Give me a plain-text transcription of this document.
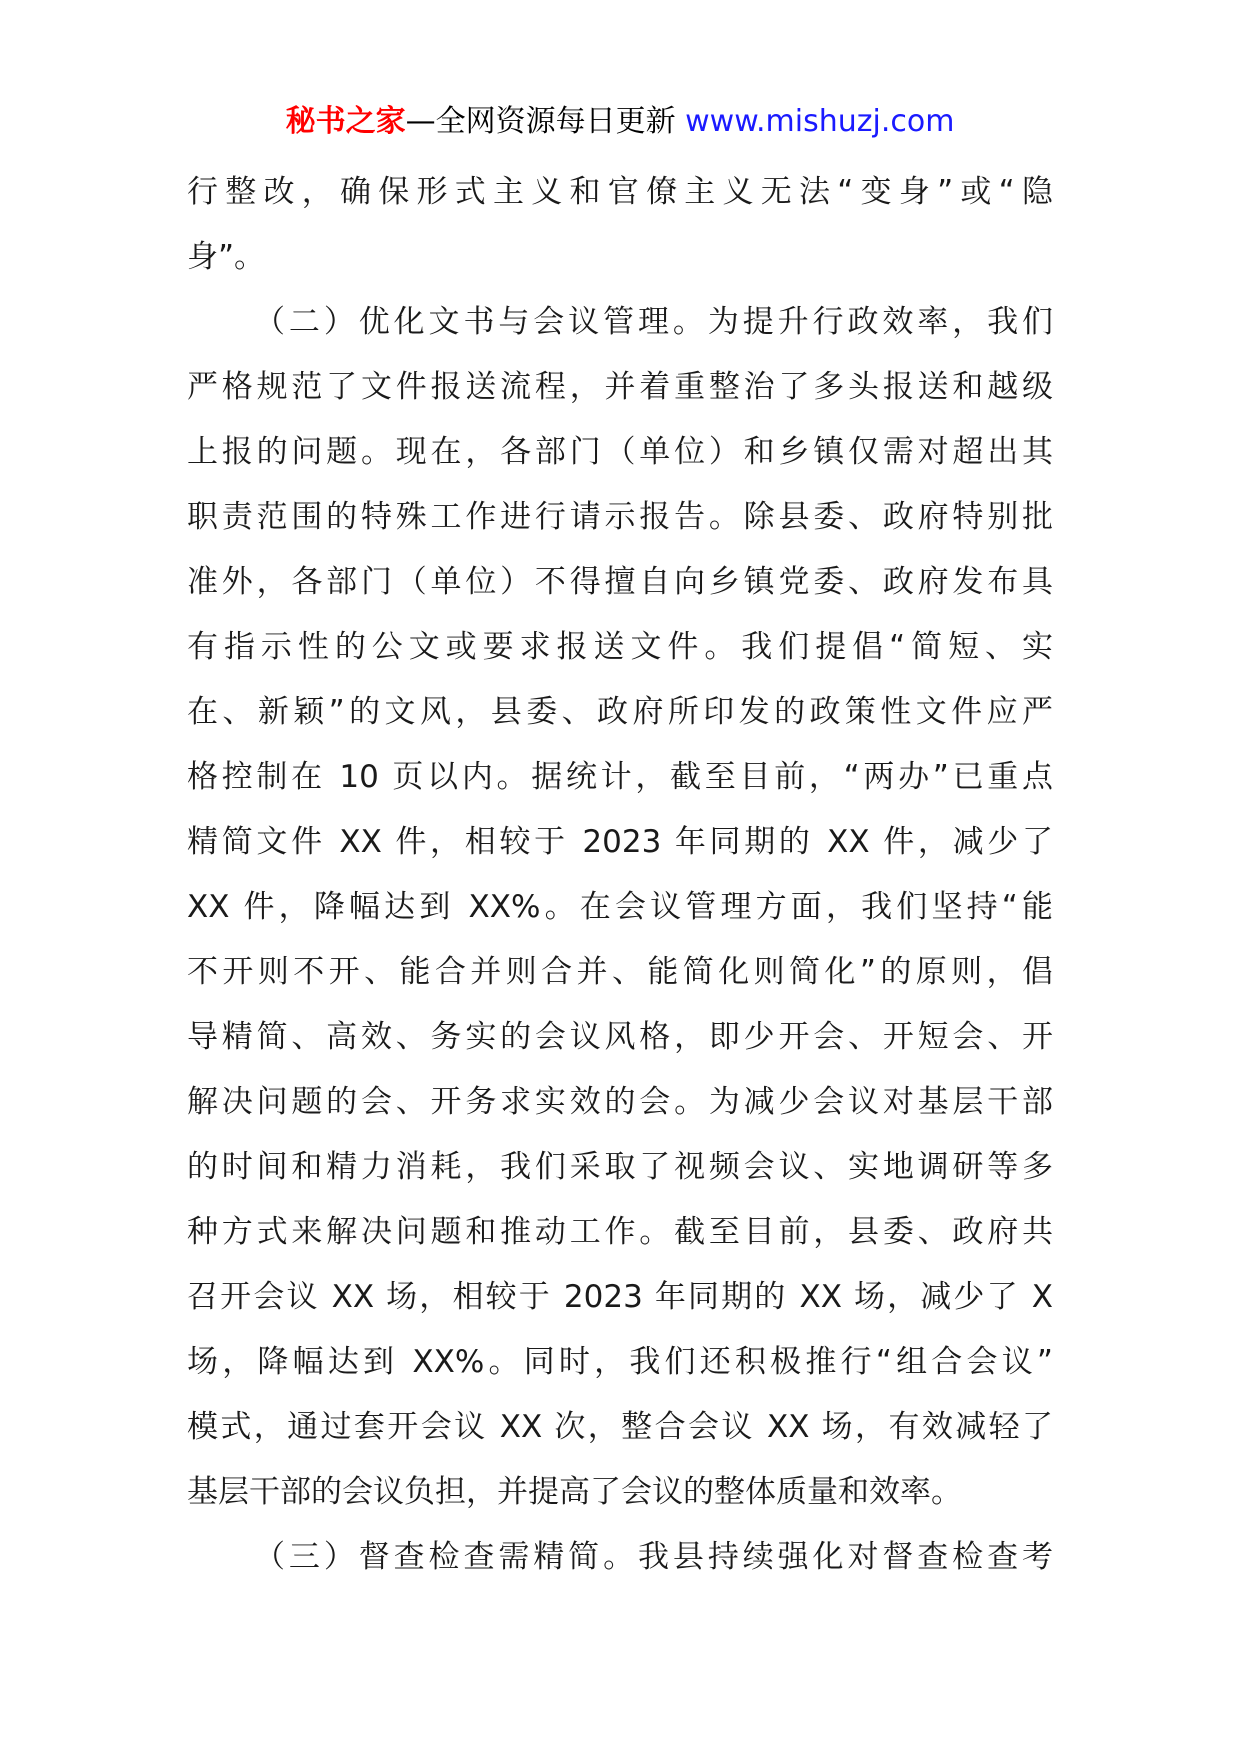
秘书之家—全网资源每日更新 www.mishuzj.com
行整改，确保形式主义和官僚主义无法“变身”或“隐
身”。
（二）优化文书与会议管理。为提升行政效率，我们
严格规范了文件报送流程，并着重整治了多头报送和越级
上报的问题。现在，各部门（单位）和乡镇仅需对超出其
职责范围的特殊工作进行请示报告。除县委、政府特别批
准外，各部门（单位）不得擅自向乡镇党委、政府发布具
有指示性的公文或要求报送文件。我们提倡“简短、实
在、新颖”的文风，县委、政府所印发的政策性文件应严
格控制在 10 页以内。据统计，截至目前，“两办”已重点
精简文件 XX 件，相较于 2023 年同期的 XX 件，减少了
XX 件，降幅达到 XX%。在会议管理方面，我们坚持“能
不开则不开、能合并则合并、能简化则简化”的原则，倡
导精简、高效、务实的会议风格，即少开会、开短会、开
解决问题的会、开务求实效的会。为减少会议对基层干部
的时间和精力消耗，我们采取了视频会议、实地调研等多
种方式来解决问题和推动工作。截至目前，县委、政府共
召开会议 XX 场，相较于 2023 年同期的 XX 场，减少了 X
场，降幅达到 XX%。同时，我们还积极推行“组合会议”
模式，通过套开会议 XX 次，整合会议 XX 场，有效减轻了
基层干部的会议负担，并提高了会议的整体质量和效率。
（三）督查检查需精简。我县持续强化对督查检查考
